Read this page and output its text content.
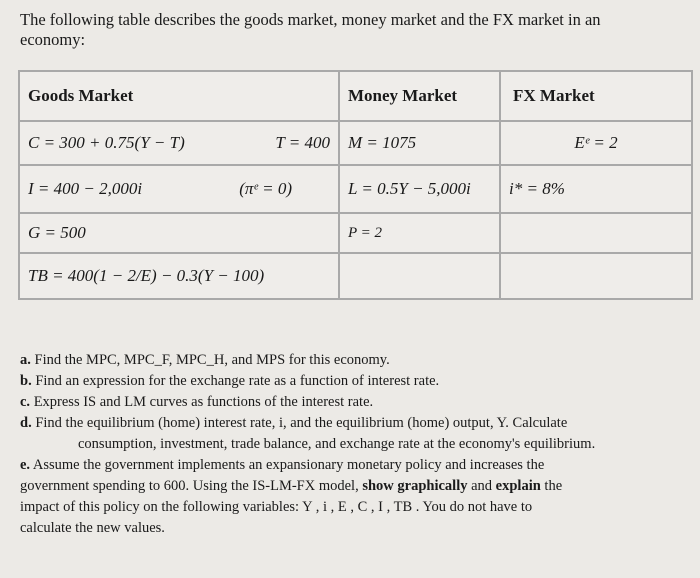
The following table describes the goods market, money market and the FX market in an economy:
Goods Market	Money Market	FX Market
C = 300 + 0.75(Y − T) T = 400	M = 1075	Eᵉ = 2
I = 400 − 2,000i (πᵉ = 0)	L = 0.5Y − 5,000i	i* = 8%
G = 500	P = 2	
TB = 400(1 − 2/E) − 0.3(Y − 100)		

a. Find the MPC, MPC_F, MPC_H, and MPS for this economy.

b. Find an expression for the exchange rate as a function of interest rate.

c. Express IS and LM curves as functions of the interest rate.

d. Find the equilibrium (home) interest rate, i, and the equilibrium (home) output, Y. Calculate

consumption, investment, trade balance, and exchange rate at the economy's equilibrium.

e. Assume the government implements an expansionary monetary policy and increases the

government spending to 600. Using the IS-LM-FX model, show graphically and explain the

impact of this policy on the following variables: Y , i , E , C , I , TB . You do not have to

calculate the new values.
